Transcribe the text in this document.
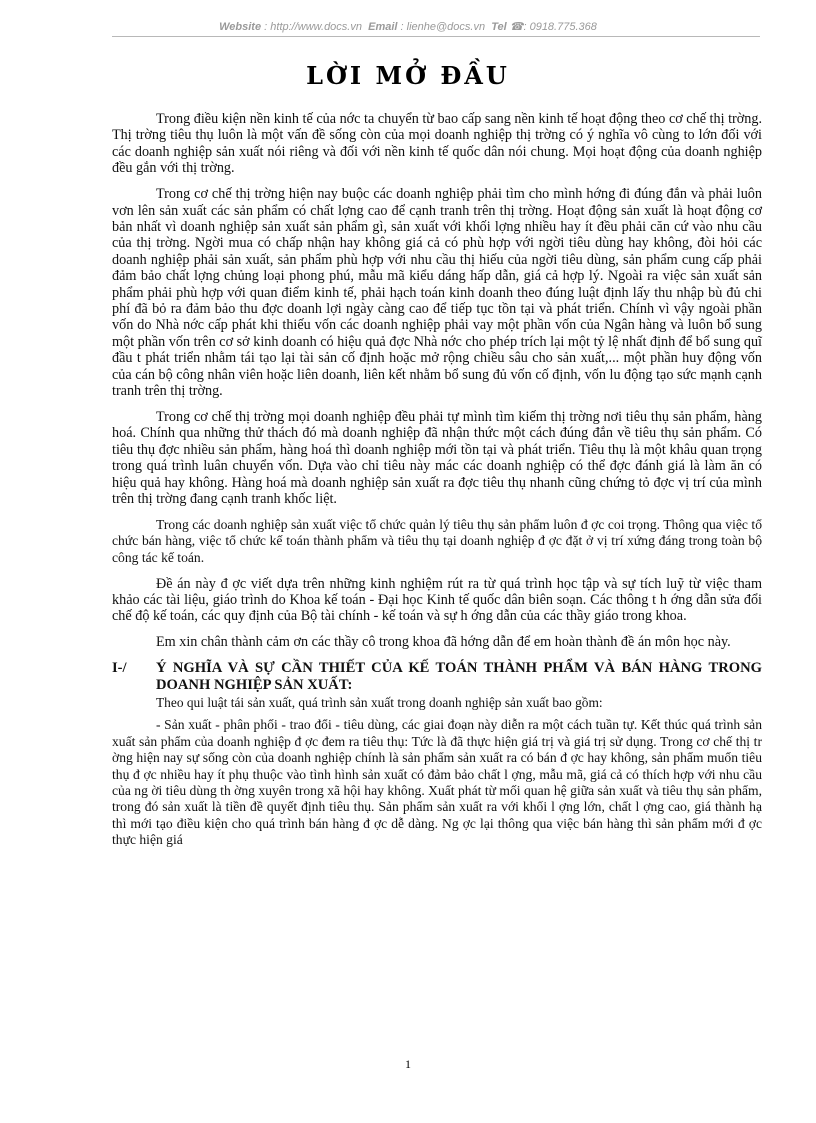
Website : http://www.docs.vn Email : lienhe@docs.vn Tel ☎: 0918.775.368
LỜI MỞ ĐẦU

Trong điều kiện nền kinh tế của nớc ta chuyển từ bao cấp sang nền kinh tế hoạt động theo cơ chế thị trờng. Thị trờng tiêu thụ luôn là một vấn đề sống còn của mọi doanh nghiệp thị trờng có ý nghĩa vô cùng to lớn đối với các doanh nghiệp sản xuất nói riêng và đối với nền kinh tế quốc dân nói chung. Mọi hoạt động của doanh nghiệp đều gắn với thị trờng.

Trong cơ chế thị trờng hiện nay buộc các doanh nghiệp phải tìm cho mình hớng đi đúng đắn và phải luôn vơn lên sản xuất các sản phẩm có chất lợng cao để cạnh tranh trên thị trờng. Hoạt động sản xuất là hoạt động cơ bản nhất vì doanh nghiệp sản xuất sản phẩm gì, sản xuất với khối lợng nhiều hay ít đều phải căn cứ vào nhu cầu của thị trờng. Ngời mua có chấp nhận hay không giá cả có phù hợp với ngời tiêu dùng hay không, đòi hỏi các doanh nghiệp phải sản xuất, sản phẩm phù hợp với nhu cầu thị hiếu của ngời tiêu dùng, sản phẩm cung cấp phải đảm bảo chất lợng chủng loại phong phú, mẫu mã kiểu dáng hấp dẫn, giá cả hợp lý. Ngoài ra việc sản xuất sản phẩm phải phù hợp với quan điểm kinh tế, phải hạch toán kinh doanh theo đúng luật định lấy thu nhập bù đủ chi phí đã bỏ ra đảm bảo thu đợc doanh lợi ngày càng cao để tiếp tục tồn tại và phát triển. Chính vì vậy ngoài phần vốn do Nhà nớc cấp phát khi thiếu vốn các doanh nghiệp phải vay một phần vốn của Ngân hàng và luôn bổ sung một phần vốn trên cơ sở kinh doanh có hiệu quả đợc Nhà nớc cho phép trích lại một tỷ lệ nhất định để bổ sung quĩ đầu t phát triển nhằm tái tạo lại tài sản cố định hoặc mở rộng chiều sâu cho sản xuất,... một phần huy động vốn của cán bộ công nhân viên hoặc liên doanh, liên kết nhằm bổ sung đủ vốn cố định, vốn lu động tạo sức mạnh cạnh tranh trên thị trờng.

Trong cơ chế thị trờng mọi doanh nghiệp đều phải tự mình tìm kiếm thị trờng nơi tiêu thụ sản phẩm, hàng hoá. Chính qua những thử thách đó mà doanh nghiệp đã nhận thức một cách đúng đắn về tiêu thụ sản phẩm. Có tiêu thụ đợc nhiều sản phẩm, hàng hoá thì doanh nghiệp mới tồn tại và phát triển. Tiêu thụ là một khâu quan trọng trong quá trình luân chuyển vốn. Dựa vào chỉ tiêu này mác các doanh nghiệp có thể đợc đánh giá là làm ăn có hiệu quả hay không. Hàng hoá mà doanh nghiệp sản xuất ra đợc tiêu thụ nhanh cũng chứng tỏ đợc vị trí của mình trên thị trờng đang cạnh tranh khốc liệt.

Trong các doanh nghiệp sản xuất việc tổ chức quản lý tiêu thụ sản phẩm luôn đ ợc coi trọng. Thông qua việc tổ chức bán hàng, việc tổ chức kế toán thành phẩm và tiêu thụ tại doanh nghiệp đ ợc đặt ở vị trí xứng đáng trong toàn bộ công tác kế toán.

Đề án này đ ợc viết dựa trên những kinh nghiệm rút ra từ quá trình học tập và sự tích luỹ từ việc tham khảo các tài liệu, giáo trình do Khoa kế toán - Đại học Kinh tế quốc dân biên soạn. Các thông t h ớng dẫn sửa đổi chế độ kế toán, các quy định của Bộ tài chính - kế toán và sự h ớng dẫn của các thầy giáo trong khoa.

Em xin chân thành cảm ơn các thầy cô trong khoa đã hớng dẫn để em hoàn thành đề án môn học này.

I-/	Ý NGHĨA VÀ SỰ CẦN THIẾT CỦA KẾ TOÁN THÀNH PHẨM VÀ BÁN HÀNG TRONG DOANH NGHIỆP SẢN XUẤT:

Theo qui luật tái sản xuất, quá trình sản xuất trong doanh nghiệp sản xuất bao gồm:

- Sản xuất - phân phối - trao đổi - tiêu dùng, các giai đoạn này diễn ra một cách tuần tự. Kết thúc quá trình sản xuất sản phẩm của doanh nghiệp đ ợc đem ra tiêu thụ: Tức là đã thực hiện giá trị và giá trị sử dụng. Trong cơ chế thị tr ờng hiện nay sự sống còn của doanh nghiệp chính là sản phẩm sản xuất ra có bán đ ợc hay không, sản phẩm muốn tiêu thụ đ ợc nhiều hay ít phụ thuộc vào tình hình sản xuất có đảm bảo chất l ợng, mẫu mã, giá cả có thích hợp với nhu cầu của ng ời tiêu dùng th ờng xuyên trong xã hội hay không. Xuất phát từ mối quan hệ giữa sản xuất và tiêu thụ sản phẩm, trong đó sản xuất là tiền đề quyết định tiêu thụ. Sản phẩm sản xuất ra với khối l ợng lớn, chất l ợng cao, giá thành hạ thì mới tạo điều kiện cho quá trình bán hàng đ ợc dễ dàng. Ng ợc lại thông qua việc bán hàng thì sản phẩm mới đ ợc thực hiện giá

1
